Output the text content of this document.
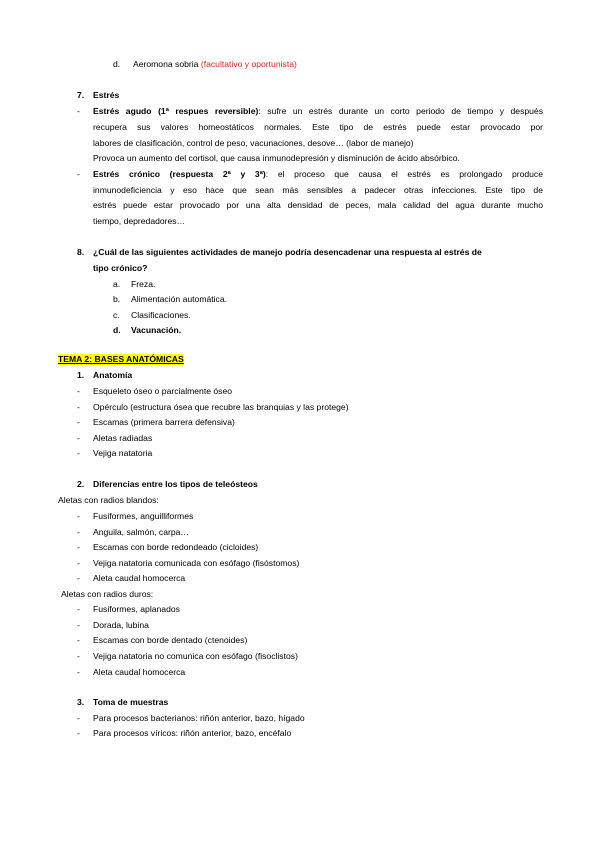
d. Aeromona sobria (facultativo y oportunista)
7. Estrés
- Estrés agudo (1ª respues reversible): sufre un estrés durante un corto periodo de tiempo y después
recupera sus valores homeostáticos normales. Este tipo de estrés puede estar provocado por
labores de clasificación, control de peso, vacunaciones, desove… (labor de manejo)
Provoca un aumento del cortisol, que causa inmunodepresión y disminución de ácido absórbico.
- Estrés crónico (respuesta 2ª y 3ª): el proceso que causa el estrés es prolongado produce
inmunodeficiencia y eso hace que sean más sensibles a padecer otras infecciones. Este tipo de
estrés puede estar provocado por una alta densidad de peces, mala calidad del agua durante mucho
tiempo, depredadores…
8. ¿Cuál de las siguientes actividades de manejo podría desencadenar una respuesta al estrés de
tipo crónico?
a. Freza.
b. Alimentación automática.
c. Clasificaciones.
d. Vacunación.
TEMA 2: BASES ANATÓMICAS
1. Anatomía
- Esqueleto óseo o parcialmente óseo
- Opérculo (estructura ósea que recubre las branquias y las protege)
- Escamas (primera barrera defensiva)
- Aletas radiadas
- Vejiga natatoria
2. Diferencias entre los tipos de teleósteos
Aletas con radios blandos:
- Fusiformes, anguilliformes
- Anguila, salmón, carpa…
- Escamas con borde redondeado (cicloides)
- Vejiga natatoria comunicada con esófago (fisóstomos)
- Aleta caudal homocerca
Aletas con radios duros:
- Fusiformes, aplanados
- Dorada, lubina
- Escamas con borde dentado (ctenoides)
- Vejiga natatoria no comunica con esófago (fisoclistos)
- Aleta caudal homocerca
3. Toma de muestras
- Para procesos bacterianos: riñón anterior, bazo, hígado
- Para procesos víricos: riñón anterior, bazo, encéfalo
